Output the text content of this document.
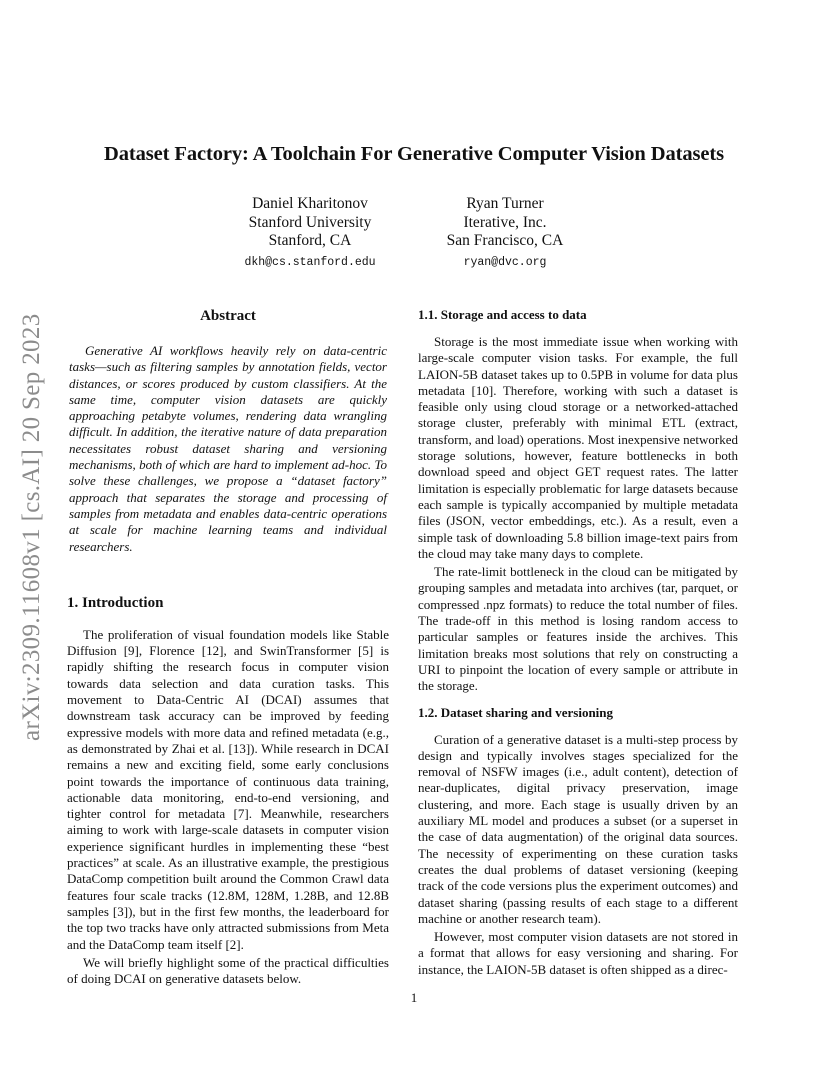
arXiv:2309.11608v1 [cs.AI] 20 Sep 2023
Dataset Factory: A Toolchain For Generative Computer Vision Datasets
Daniel Kharitonov
Stanford University
Stanford, CA
dkh@cs.stanford.edu
Ryan Turner
Iterative, Inc.
San Francisco, CA
ryan@dvc.org
Abstract

Generative AI workflows heavily rely on data-centric tasks—such as filtering samples by annotation fields, vector distances, or scores produced by custom classifiers. At the same time, computer vision datasets are quickly approaching petabyte volumes, rendering data wrangling difficult. In addition, the iterative nature of data preparation necessitates robust dataset sharing and versioning mechanisms, both of which are hard to implement ad-hoc. To solve these challenges, we propose a “dataset factory” approach that separates the storage and processing of samples from metadata and enables data-centric operations at scale for machine learning teams and individual researchers.

1. Introduction

The proliferation of visual foundation models like Stable Diffusion [9], Florence [12], and SwinTransformer [5] is rapidly shifting the research focus in computer vision towards data selection and data curation tasks. This movement to Data-Centric AI (DCAI) assumes that downstream task accuracy can be improved by feeding expressive models with more data and refined metadata (e.g., as demonstrated by Zhai et al. [13]). While research in DCAI remains a new and exciting field, some early conclusions point towards the importance of continuous data training, actionable data monitoring, end-to-end versioning, and tighter control for metadata [7]. Meanwhile, researchers aiming to work with large-scale datasets in computer vision experience significant hurdles in implementing these “best practices” at scale. As an illustrative example, the prestigious DataComp competition built around the Common Crawl data features four scale tracks (12.8M, 128M, 1.28B, and 12.8B samples [3]), but in the first few months, the leaderboard for the top two tracks have only attracted submissions from Meta and the DataComp team itself [2].

We will briefly highlight some of the practical difficulties of doing DCAI on generative datasets below.

1.1. Storage and access to data

Storage is the most immediate issue when working with large-scale computer vision tasks. For example, the full LAION-5B dataset takes up to 0.5PB in volume for data plus metadata [10]. Therefore, working with such a dataset is feasible only using cloud storage or a networked-attached storage cluster, preferably with minimal ETL (extract, transform, and load) operations. Most inexpensive networked storage solutions, however, feature bottlenecks in both download speed and object GET request rates. The latter limitation is especially problematic for large datasets because each sample is typically accompanied by multiple metadata files (JSON, vector embeddings, etc.). As a result, even a simple task of downloading 5.8 billion image-text pairs from the cloud may take many days to complete.

The rate-limit bottleneck in the cloud can be mitigated by grouping samples and metadata into archives (tar, parquet, or compressed .npz formats) to reduce the total number of files. The trade-off in this method is losing random access to particular samples or features inside the archives. This limitation breaks most solutions that rely on constructing a URI to pinpoint the location of every sample or attribute in the storage.

1.2. Dataset sharing and versioning

Curation of a generative dataset is a multi-step process by design and typically involves stages specialized for the removal of NSFW images (i.e., adult content), detection of near-duplicates, digital privacy preservation, image clustering, and more. Each stage is usually driven by an auxiliary ML model and produces a subset (or a superset in the case of data augmentation) of the original data sources. The necessity of experimenting on these curation tasks creates the dual problems of dataset versioning (keeping track of the code versions plus the experiment outcomes) and dataset sharing (passing results of each stage to a different machine or another research team).

However, most computer vision datasets are not stored in a format that allows for easy versioning and sharing. For instance, the LAION-5B dataset is often shipped as a direc-

1
